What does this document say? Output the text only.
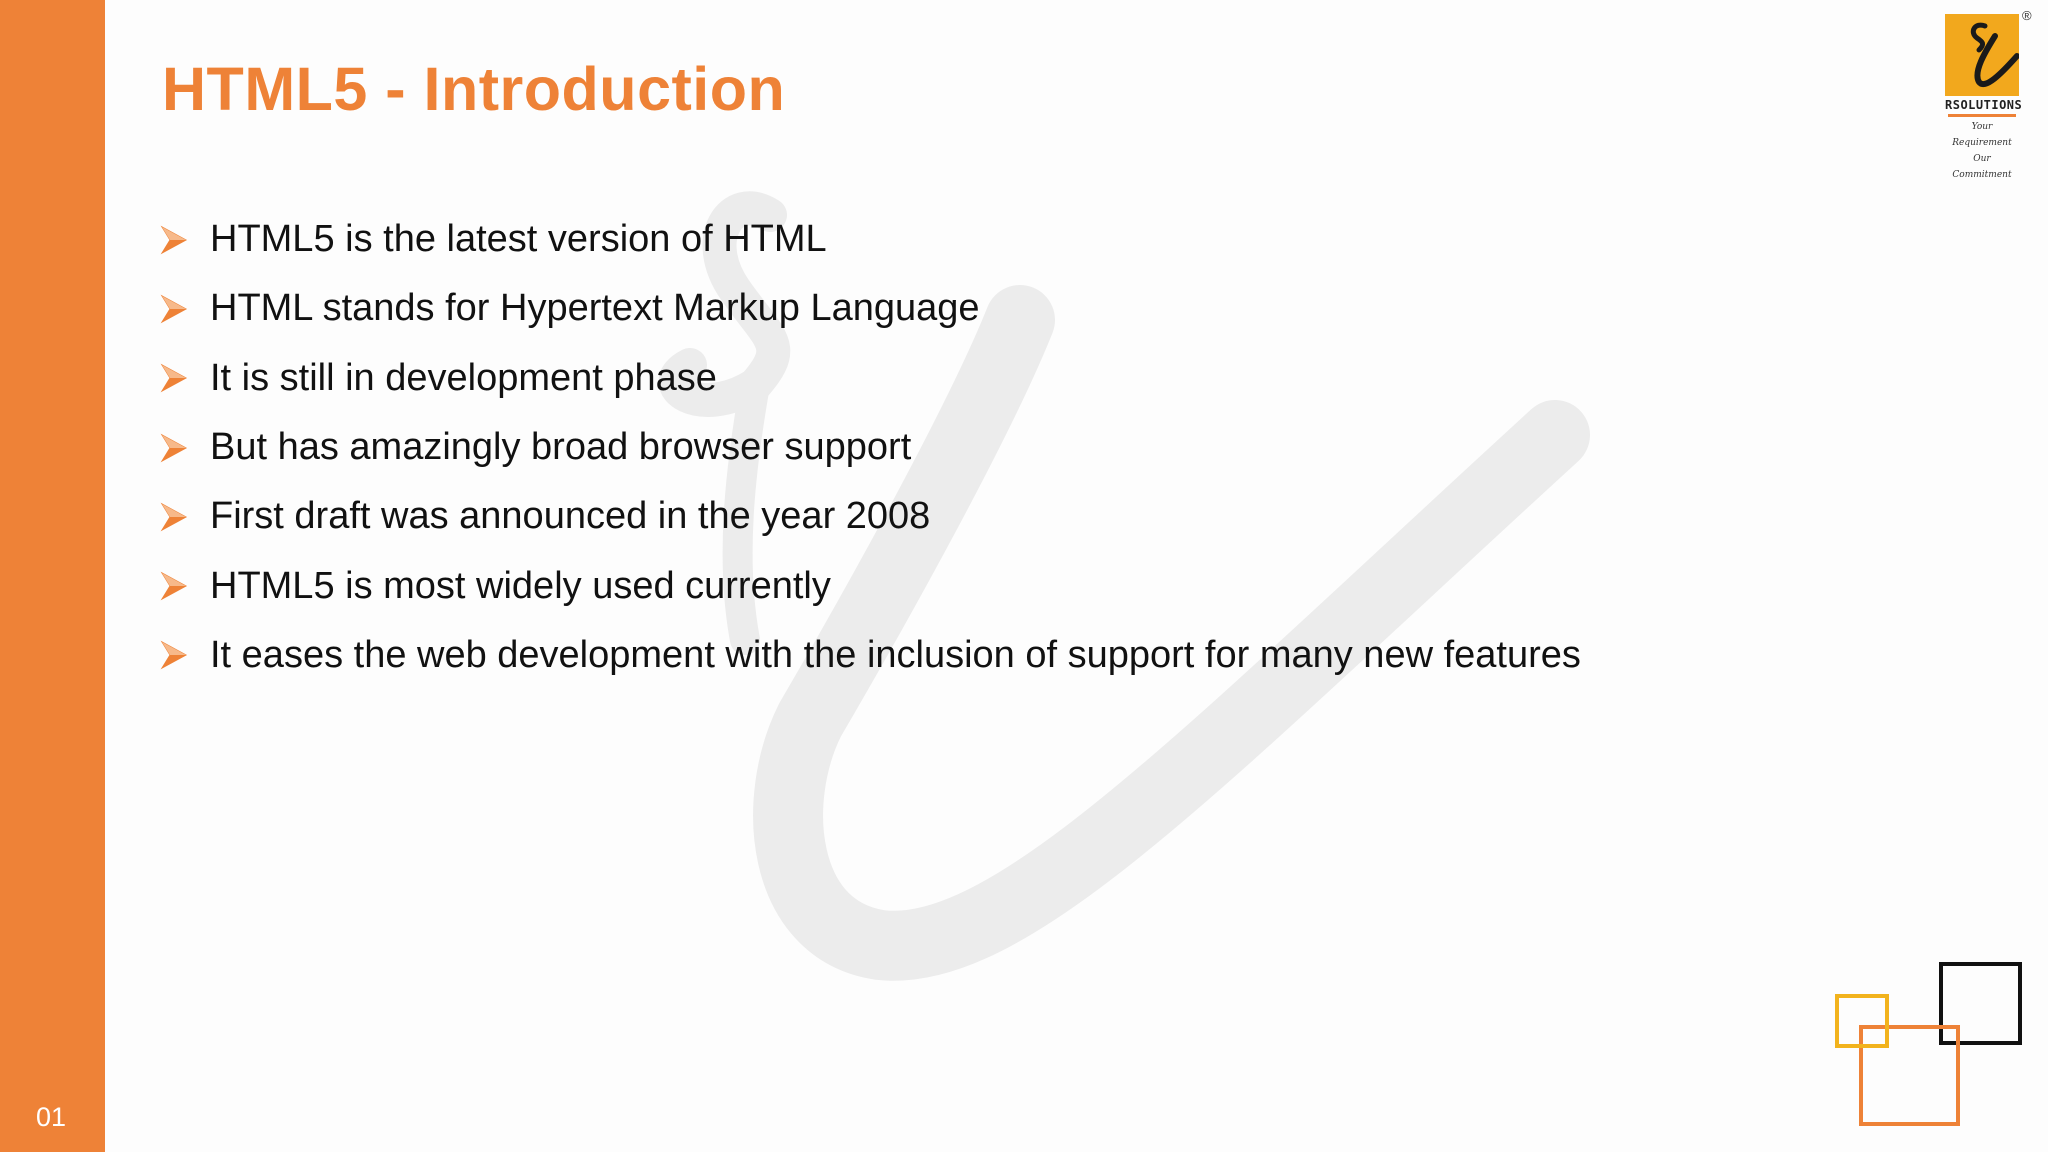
01
HTML5 - Introduction
HTML5 is the latest version of HTML
HTML stands for Hypertext Markup Language
It is still in development phase
But has amazingly broad browser support
First draft was announced in the year 2008
HTML5 is most widely used currently
It eases the web development with the inclusion of support for many new features
®
RSOLUTIONS
Your Requirement
Our Commitment
